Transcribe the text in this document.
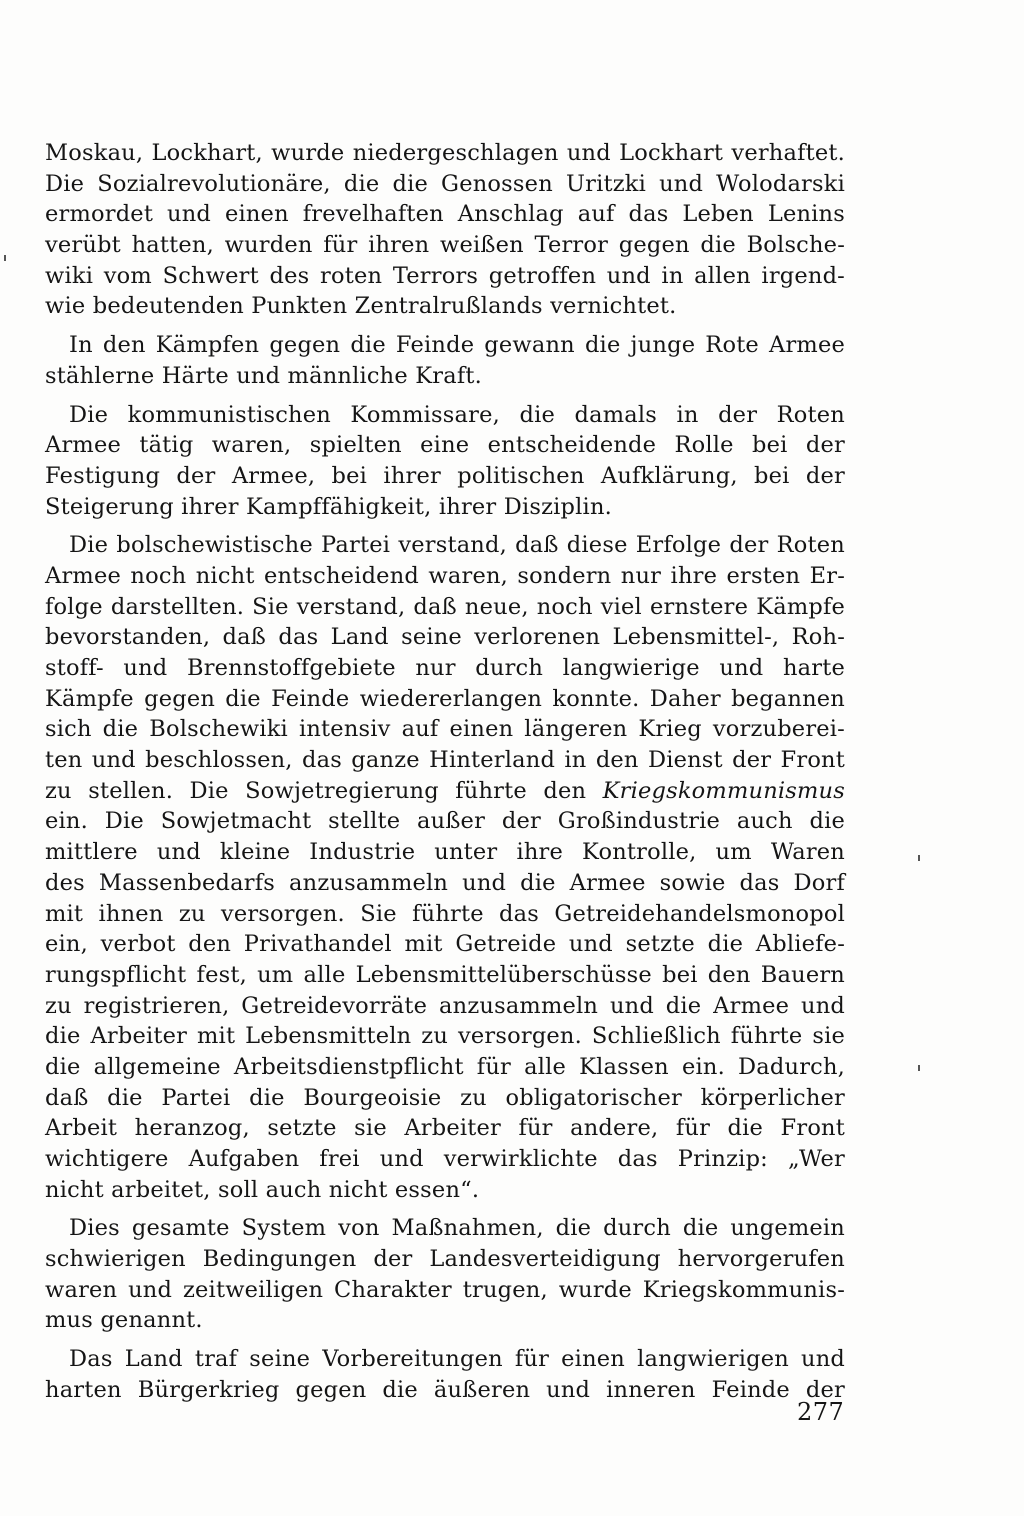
Moskau, Lockhart, wurde niedergeschlagen und Lockhart verhaftet.
Die Sozialrevolutionäre, die die Genossen Uritzki und Wolodarski
ermordet und einen frevelhaften Anschlag auf das Leben Lenins
verübt hatten, wurden für ihren weißen Terror gegen die Bolsche-
wiki vom Schwert des roten Terrors getroffen und in allen irgend-
wie bedeutenden Punkten Zentralrußlands vernichtet.
In den Kämpfen gegen die Feinde gewann die junge Rote Armee
stählerne Härte und männliche Kraft.
Die kommunistischen Kommissare, die damals in der Roten
Armee tätig waren, spielten eine entscheidende Rolle bei der
Festigung der Armee, bei ihrer politischen Aufklärung, bei der
Steigerung ihrer Kampffähigkeit, ihrer Disziplin.
Die bolschewistische Partei verstand, daß diese Erfolge der Roten
Armee noch nicht entscheidend waren, sondern nur ihre ersten Er-
folge darstellten. Sie verstand, daß neue, noch viel ernstere Kämpfe
bevorstanden, daß das Land seine verlorenen Lebensmittel-, Roh-
stoff- und Brennstoffgebiete nur durch langwierige und harte
Kämpfe gegen die Feinde wiedererlangen konnte. Daher begannen
sich die Bolschewiki intensiv auf einen längeren Krieg vorzuberei-
ten und beschlossen, das ganze Hinterland in den Dienst der Front
zu stellen. Die Sowjetregierung führte den Kriegskommunismus
ein. Die Sowjetmacht stellte außer der Großindustrie auch die
mittlere und kleine Industrie unter ihre Kontrolle, um Waren
des Massenbedarfs anzusammeln und die Armee sowie das Dorf
mit ihnen zu versorgen. Sie führte das Getreidehandelsmonopol
ein, verbot den Privathandel mit Getreide und setzte die Abliefe-
rungspflicht fest, um alle Lebensmittelüberschüsse bei den Bauern
zu registrieren, Getreidevorräte anzusammeln und die Armee und
die Arbeiter mit Lebensmitteln zu versorgen. Schließlich führte sie
die allgemeine Arbeitsdienstpflicht für alle Klassen ein. Dadurch,
daß die Partei die Bourgeoisie zu obligatorischer körperlicher
Arbeit heranzog, setzte sie Arbeiter für andere, für die Front
wichtigere Aufgaben frei und verwirklichte das Prinzip: „Wer
nicht arbeitet, soll auch nicht essen“.
Dies gesamte System von Maßnahmen, die durch die ungemein
schwierigen Bedingungen der Landesverteidigung hervorgerufen
waren und zeitweiligen Charakter trugen, wurde Kriegskommunis-
mus genannt.
Das Land traf seine Vorbereitungen für einen langwierigen und
harten Bürgerkrieg gegen die äußeren und inneren Feinde der
277
